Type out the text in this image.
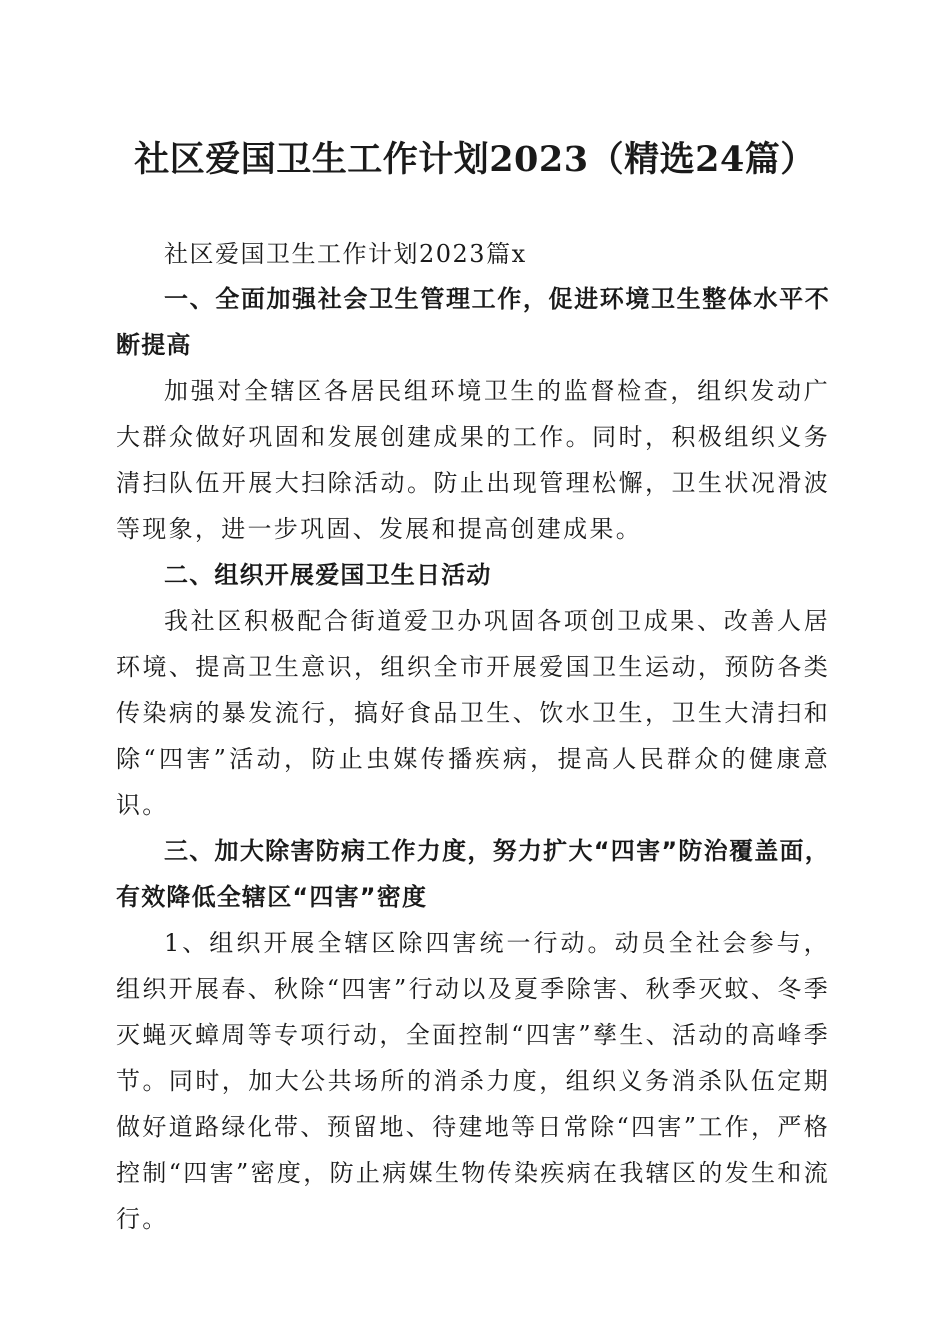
社区爱国卫生工作计划2023（精选24篇）

社区爱国卫生工作计划2023篇x

一、全面加强社会卫生管理工作，促进环境卫生整体水平不断提高

加强对全辖区各居民组环境卫生的监督检查，组织发动广大群众做好巩固和发展创建成果的工作。同时，积极组织义务清扫队伍开展大扫除活动。防止出现管理松懈，卫生状况滑波等现象，进一步巩固、发展和提高创建成果。

二、组织开展爱国卫生日活动

我社区积极配合街道爱卫办巩固各项创卫成果、改善人居环境、提高卫生意识，组织全市开展爱国卫生运动，预防各类传染病的暴发流行，搞好食品卫生、饮水卫生，卫生大清扫和除“四害”活动，防止虫媒传播疾病，提高人民群众的健康意识。

三、加大除害防病工作力度，努力扩大“四害”防治覆盖面，有效降低全辖区“四害”密度

1、组织开展全辖区除四害统一行动。动员全社会参与，组织开展春、秋除“四害”行动以及夏季除害、秋季灭蚊、冬季灭蝇灭蟑周等专项行动，全面控制“四害”孳生、活动的高峰季节。同时，加大公共场所的消杀力度，组织义务消杀队伍定期做好道路绿化带、预留地、待建地等日常除“四害”工作，严格控制“四害”密度，防止病媒生物传染疾病在我辖区的发生和流行。
